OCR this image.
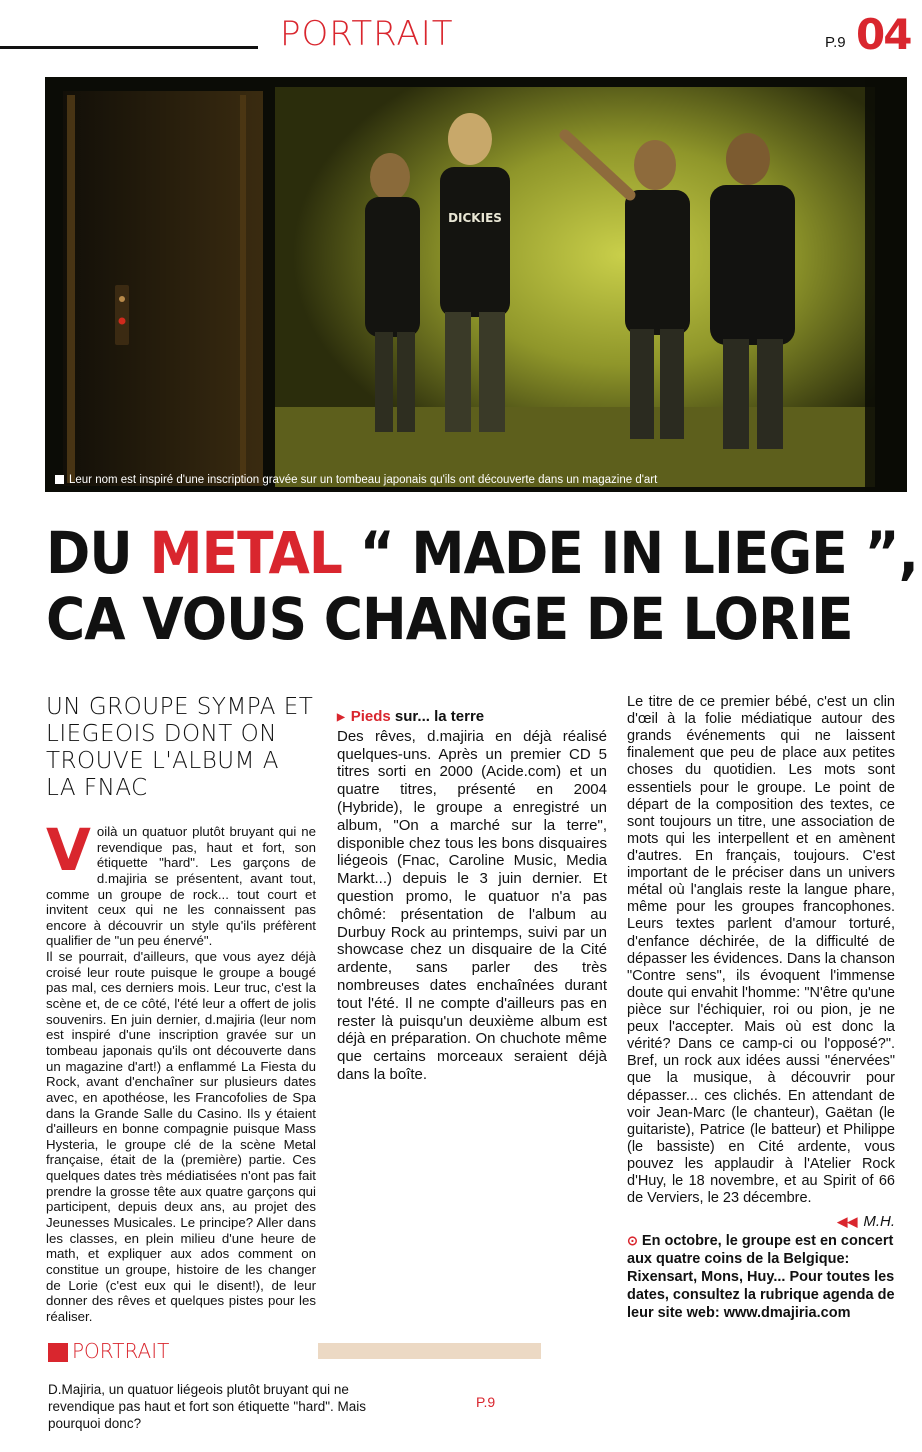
PORTRAIT	P.9 04
DICKIES
Leur nom est inspiré d'une inscription gravée sur un tombeau japonais qu'ils ont découverte dans un magazine d'art
DU METAL “ MADE IN LIEGE ”,
CA VOUS CHANGE DE LORIE
UN GROUPE SYMPA ET LIEGEOIS DONT ON TROUVE L'ALBUM A LA FNAC

Voilà un quatuor plutôt bruyant qui ne revendique pas, haut et fort, son étiquette "hard". Les garçons de d.majiria se présentent, avant tout, comme un groupe de rock... tout court et invitent ceux qui ne les connaissent pas encore à découvrir un style qu'ils préfèrent qualifier de "un peu énervé".

Il se pourrait, d'ailleurs, que vous ayez déjà croisé leur route puisque le groupe a bougé pas mal, ces derniers mois. Leur truc, c'est la scène et, de ce côté, l'été leur a offert de jolis souvenirs. En juin dernier, d.majiria (leur nom est inspiré d'une inscription gravée sur un tombeau japonais qu'ils ont découverte dans un magazine d'art!) a enflammé La Fiesta du Rock, avant d'enchaîner sur plusieurs dates avec, en apothéose, les Francofolies de Spa dans la Grande Salle du Casino. Ils y étaient d'ailleurs en bonne compagnie puisque Mass Hysteria, le groupe clé de la scène Metal française, était de la (première) partie. Ces quelques dates très médiatisées n'ont pas fait prendre la grosse tête aux quatre garçons qui participent, depuis deux ans, au projet des Jeunesses Musicales. Le principe? Aller dans les classes, en plein milieu d'une heure de math, et expliquer aux ados comment on constitue un groupe, histoire de les changer de Lorie (c'est eux qui le disent!), de leur donner des rêves et quelques pistes pour les réaliser.

▶ Pieds sur... la terre

Des rêves, d.majiria en déjà réalisé quelques-uns. Après un premier CD 5 titres sorti en 2000 (Acide.com) et un quatre titres, présenté en 2004 (Hybride), le groupe a enregistré un album, "On a marché sur la terre", disponible chez tous les bons disquaires liégeois (Fnac, Caroline Music, Media Markt...) depuis le 3 juin dernier. Et question promo, le quatuor n'a pas chômé: présentation de l'album au Durbuy Rock au printemps, suivi par un showcase chez un disquaire de la Cité ardente, sans parler des très nombreuses dates enchaînées durant tout l'été. Il ne compte d'ailleurs pas en rester là puisqu'un deuxième album est déjà en préparation. On chuchote même que certains morceaux seraient déjà dans la boîte.

Le titre de ce premier bébé, c'est un clin d'œil à la folie médiatique autour des grands événements qui ne laissent finalement que peu de place aux petites choses du quotidien. Les mots sont essentiels pour le groupe. Le point de départ de la composition des textes, ce sont toujours un titre, une association de mots qui les interpellent et en amènent d'autres. En français, toujours. C'est important de le préciser dans un univers métal où l'anglais reste la langue phare, même pour les groupes francophones. Leurs textes parlent d'amour torturé, d'enfance déchirée, de la difficulté de dépasser les évidences. Dans la chanson "Contre sens", ils évoquent l'immense doute qui envahit l'homme: "N'être qu'une pièce sur l'échiquier, roi ou pion, je ne peux l'accepter. Mais où est donc la vérité? Dans ce camp-ci ou l'opposé?". Bref, un rock aux idées aussi "énervées" que la musique, à découvrir pour dépasser... ces clichés. En attendant de voir Jean-Marc (le chanteur), Gaëtan (le guitariste), Patrice (le batteur) et Philippe (le bassiste) en Cité ardente, vous pouvez les applaudir à l'Atelier Rock d'Huy, le 18 novembre, et au Spirit of 66 de Verviers, le 23 décembre.

◀◀ M.H.
⊙ En octobre, le groupe est en concert aux quatre coins de la Belgique: Rixensart, Mons, Huy... Pour toutes les dates, consultez la rubrique agenda de leur site web: www.dmajiria.com
PORTRAIT
D.Majiria, un quatuor liégeois plutôt bruyant qui ne revendique pas haut et fort son étiquette "hard". Mais pourquoi donc?
P.9
